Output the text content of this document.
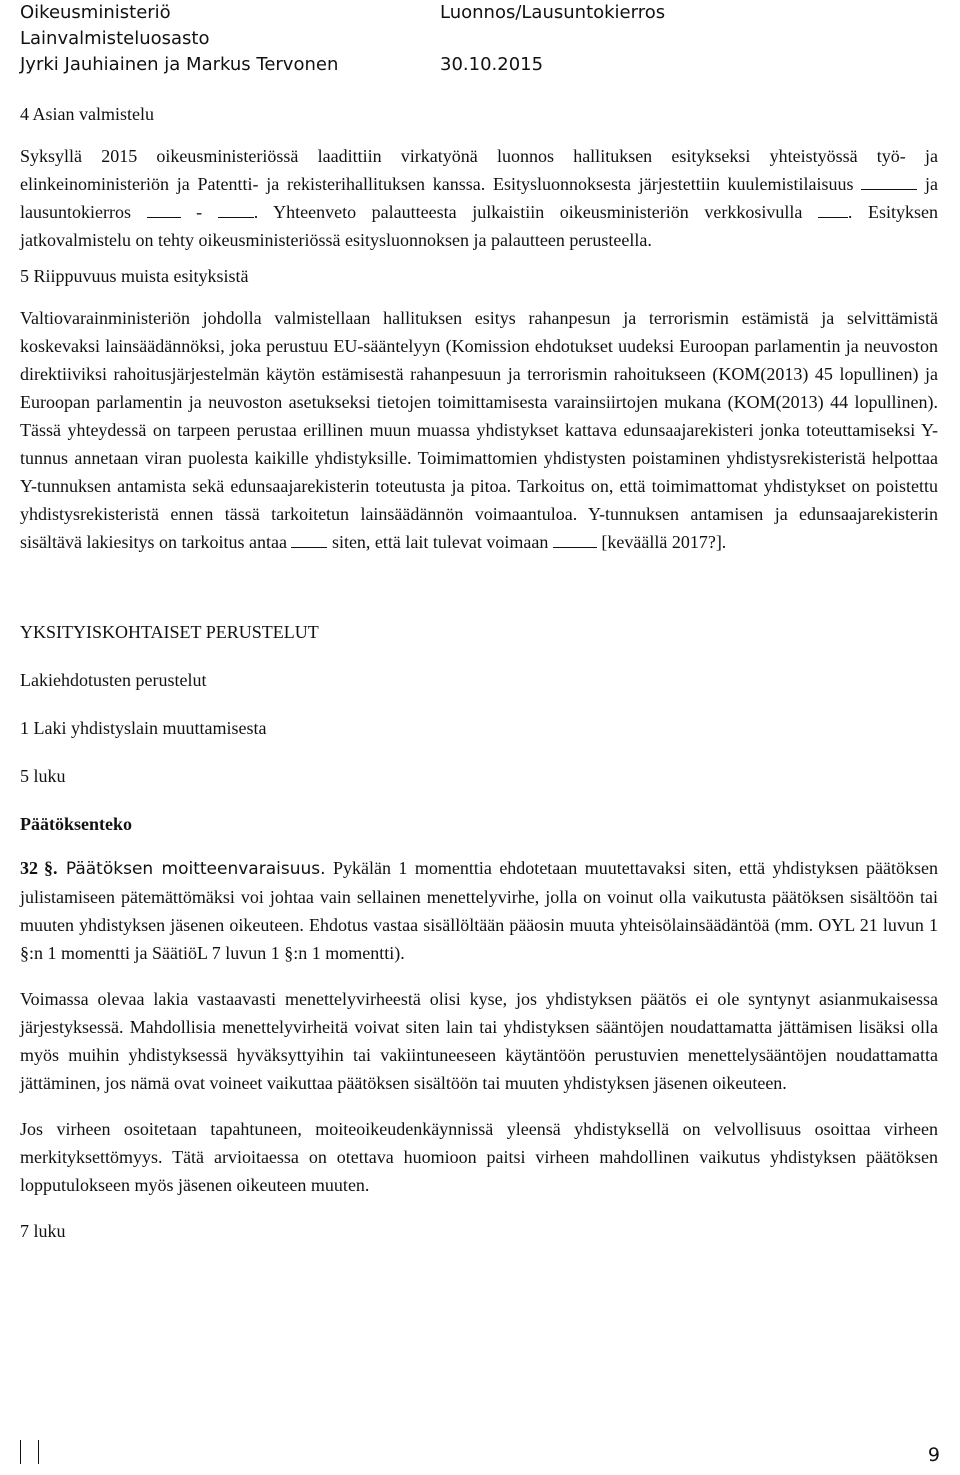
Oikeusministeriö	Luonnos/Lausuntokierros
Lainvalmisteluosasto
Jyrki Jauhiainen ja Markus Tervonen	30.10.2015

4 Asian valmistelu

Syksyllä 2015 oikeusministeriössä laadittiin virkatyönä luonnos hallituksen esitykseksi yhteistyössä työ- ja elinkeinoministeriön ja Patentti- ja rekisterihallituksen kanssa. Esitysluonnoksesta järjestettiin kuulemistilaisuus	ja lausuntokierros	-	. Yhteenveto palautteesta julkaistiin oikeusministeriön verkkosivulla	. Esityksen jatkovalmistelu on tehty oikeusministeriössä esitysluonnoksen ja palautteen perusteella.

5 Riippuvuus muista esityksistä

Valtiovarainministeriön johdolla valmistellaan hallituksen esitys rahanpesun ja terrorismin estämistä ja selvittämistä koskevaksi lainsäädännöksi, joka perustuu EU-sääntelyyn (Komission ehdotukset uudeksi Euroopan parlamentin ja neuvoston direktiiviksi rahoitusjärjestelmän käytön estämisestä rahanpesuun ja terrorismin rahoitukseen (KOM(2013) 45 lopullinen) ja Euroopan parlamentin ja neuvoston asetukseksi tietojen toimittamisesta varainsiirtojen mukana (KOM(2013) 44 lopullinen). Tässä yhteydessä on tarpeen perustaa erillinen muun muassa yhdistykset kattava edunsaajarekisteri jonka toteuttamiseksi Y-tunnus annetaan viran puolesta kaikille yhdistyksille. Toimimattomien yhdistysten poistaminen yhdistysrekisteristä helpottaa Y-tunnuksen antamista sekä edunsaajarekisterin toteutusta ja pitoa. Tarkoitus on, että toimimattomat yhdistykset on poistettu yhdistysrekisteristä ennen tässä tarkoitetun lainsäädännön voimaantuloa. Y-tunnuksen antamisen ja edunsaajarekisterin sisältävä lakiesitys on tarkoitus antaa	siten, että lait tulevat voimaan	[keväällä 2017?].

YKSITYISKOHTAISET PERUSTELUT

Lakiehdotusten perustelut

1 Laki yhdistyslain muuttamisesta

5 luku

Päätöksenteko

32 §. Päätöksen moitteenvaraisuus. Pykälän 1 momenttia ehdotetaan muutettavaksi siten, että yhdistyksen päätöksen julistamiseen pätemättömäksi voi johtaa vain sellainen menettelyvirhe, jolla on voinut olla vaikutusta päätöksen sisältöön tai muuten yhdistyksen jäsenen oikeuteen. Ehdotus vastaa sisällöltään pääosin muuta yhteisölainsäädäntöä (mm. OYL 21 luvun 1 §:n 1 momentti ja SäätiöL 7 luvun 1 §:n 1 momentti).

Voimassa olevaa lakia vastaavasti menettelyvirheestä olisi kyse, jos yhdistyksen päätös ei ole syntynyt asianmukaisessa järjestyksessä. Mahdollisia menettelyvirheitä voivat siten lain tai yhdistyksen sääntöjen noudattamatta jättämisen lisäksi olla myös muihin yhdistyksessä hyväksyttyihin tai vakiintuneeseen käytäntöön perustuvien menettelysääntöjen noudattamatta jättäminen, jos nämä ovat voineet vaikuttaa päätöksen sisältöön tai muuten yhdistyksen jäsenen oikeuteen.

Jos virheen osoitetaan tapahtuneen, moiteoikeudenkäynnissä yleensä yhdistyksellä on velvollisuus osoittaa virheen merkityksettömyys. Tätä arvioitaessa on otettava huomioon paitsi virheen mahdollinen vaikutus yhdistyksen päätöksen lopputulokseen myös jäsenen oikeuteen muuten.

7 luku

9
